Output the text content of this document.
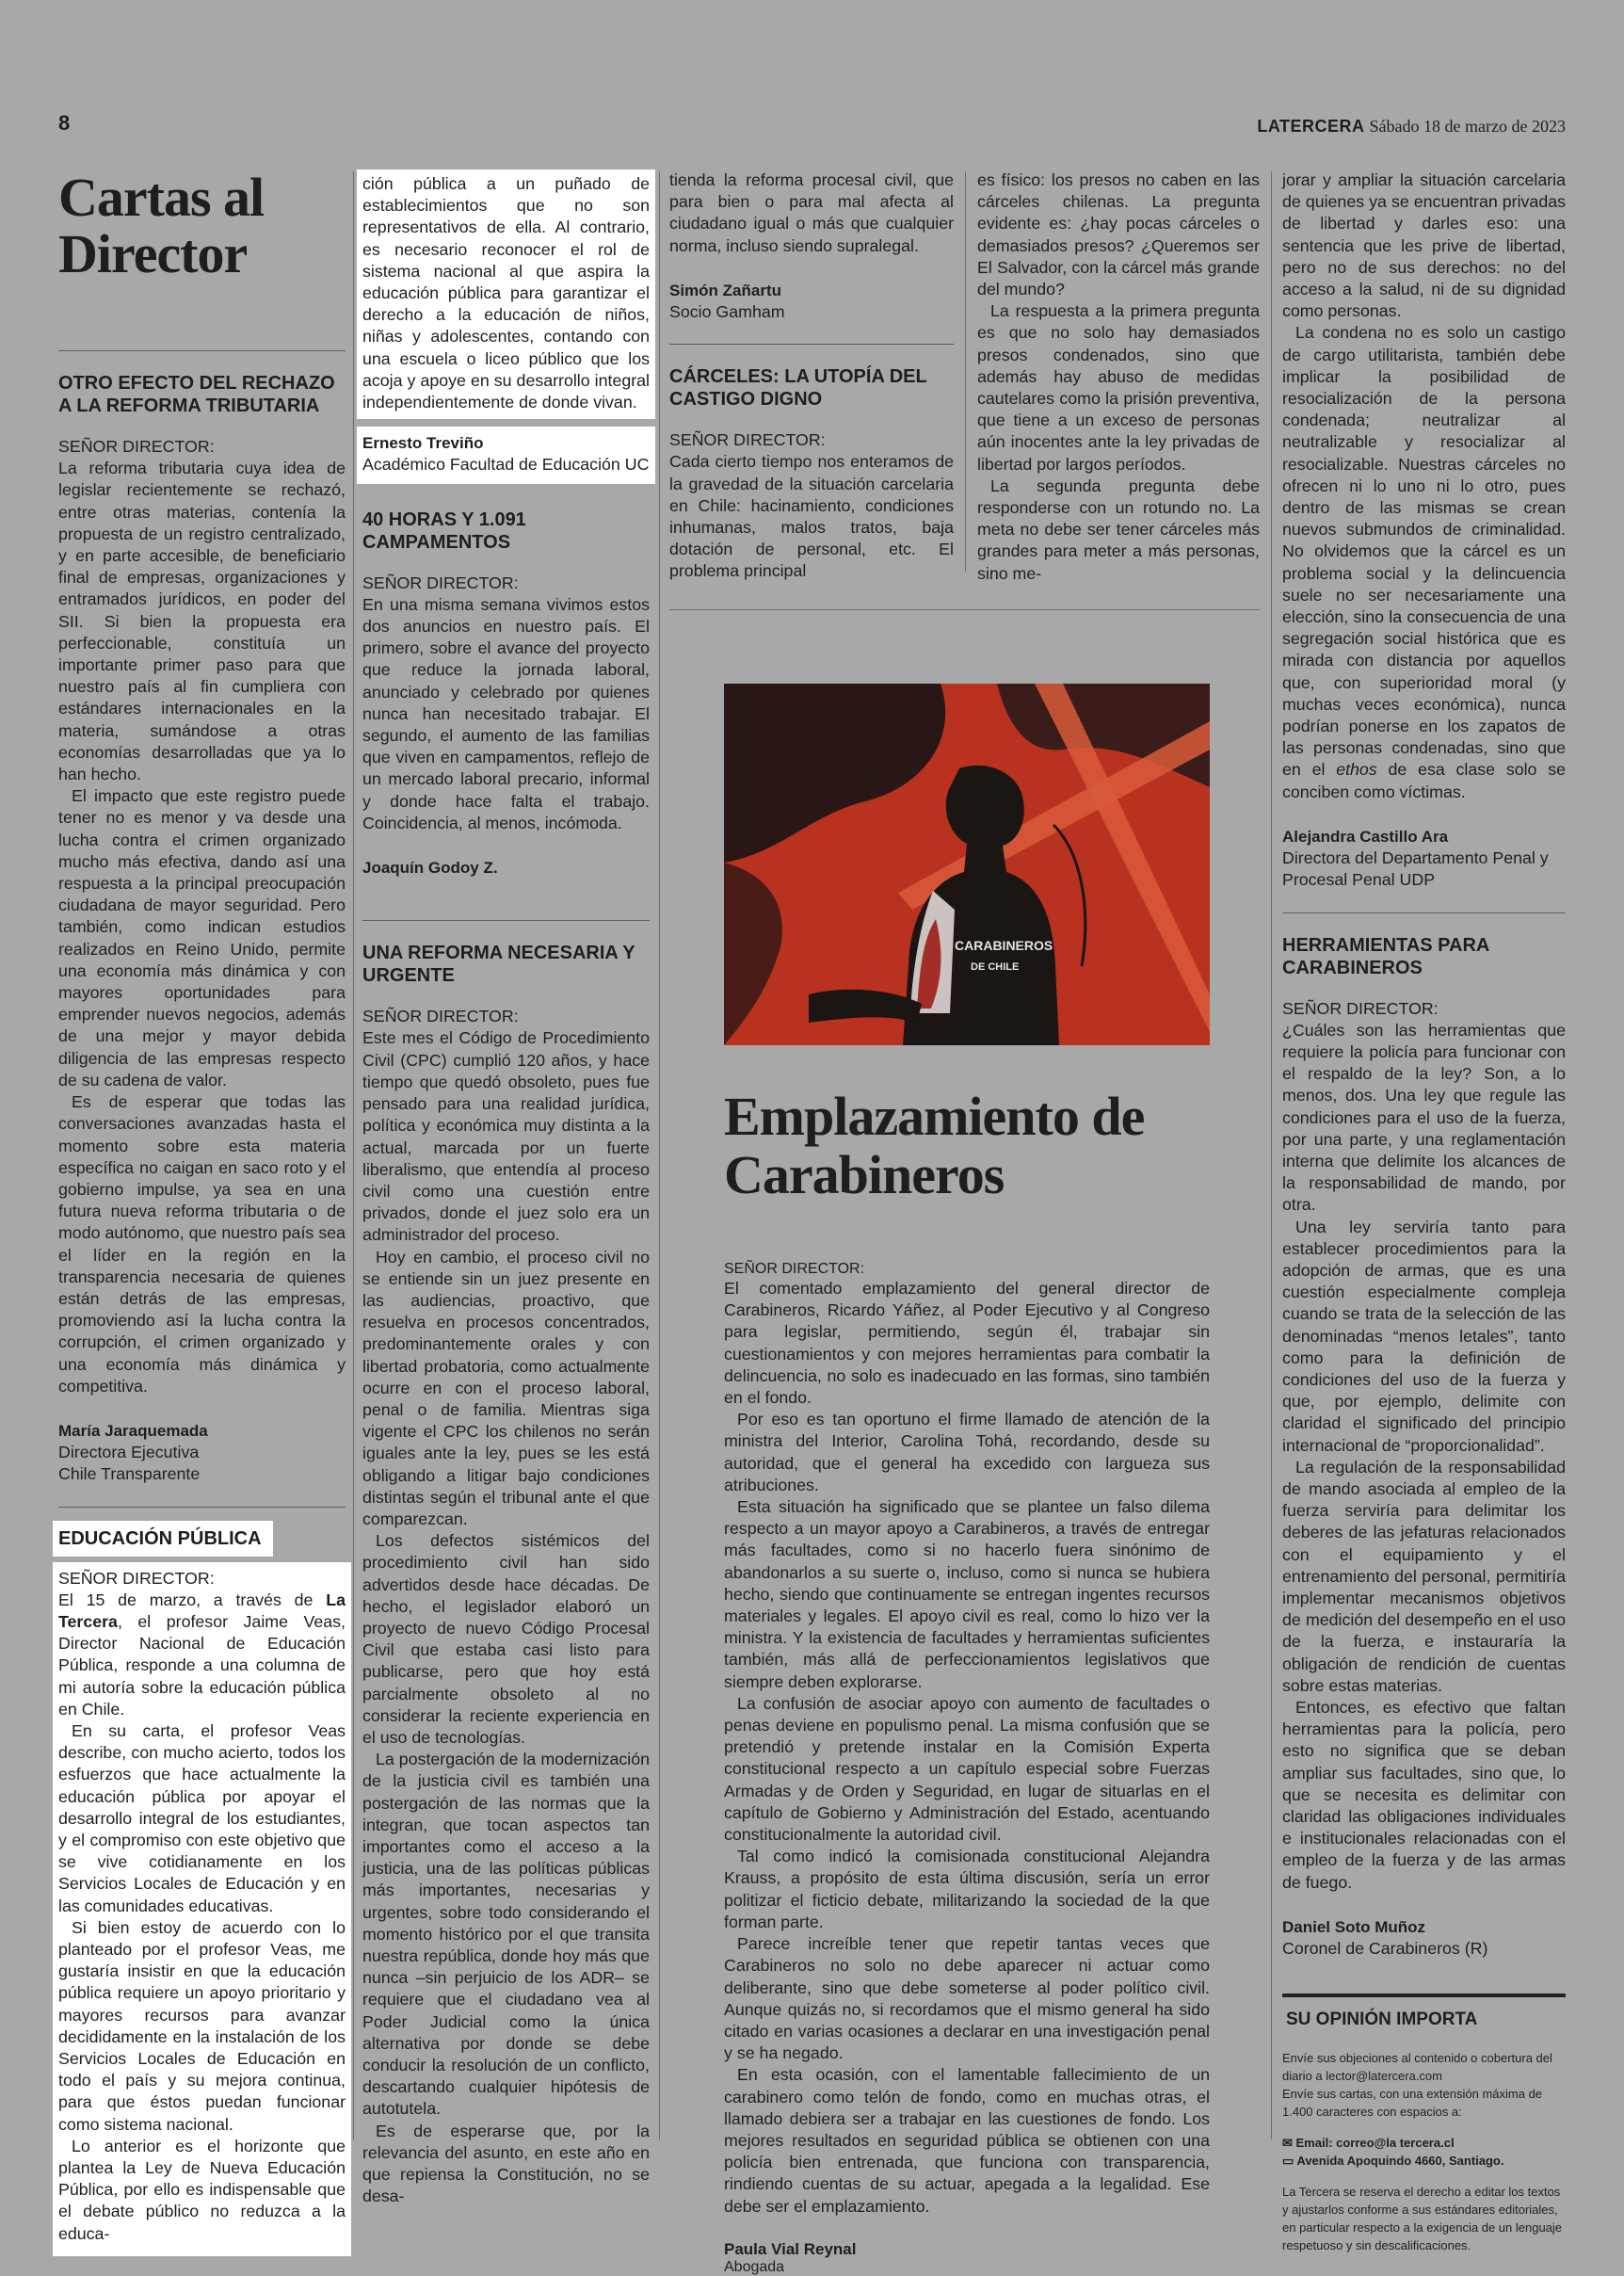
8	LATERCERA Sábado 18 de marzo de 2023
Cartas al Director
OTRO EFECTO DEL RECHAZO A LA REFORMA TRIBUTARIA
SEÑOR DIRECTOR:

La reforma tributaria cuya idea de legislar recientemente se rechazó, entre otras materias, contenía la propuesta de un registro centralizado, y en parte accesible, de beneficiario final de empresas, organizaciones y entramados jurídicos, en poder del SII. Si bien la propuesta era perfeccionable, constituía un importante primer paso para que nuestro país al fin cumpliera con estándares internacionales en la materia, sumándose a otras economías desarrolladas que ya lo han hecho.

El impacto que este registro puede tener no es menor y va desde una lucha contra el crimen organizado mucho más efectiva, dando así una respuesta a la principal preocupación ciudadana de mayor seguridad. Pero también, como indican estudios realizados en Reino Unido, permite una economía más dinámica y con mayores oportunidades para emprender nuevos negocios, además de una mejor y mayor debida diligencia de las empresas respecto de su cadena de valor.

Es de esperar que todas las conversaciones avanzadas hasta el momento sobre esta materia específica no caigan en saco roto y el gobierno impulse, ya sea en una futura nueva reforma tributaria o de modo autónomo, que nuestro país sea el líder en la región en la transparencia necesaria de quienes están detrás de las empresas, promoviendo así la lucha contra la corrupción, el crimen organizado y una economía más dinámica y competitiva.

María Jaraquemada
Directora Ejecutiva
Chile Transparente
EDUCACIÓN PÚBLICA
SEÑOR DIRECTOR:

El 15 de marzo, a través de La Tercera, el profesor Jaime Veas, Director Nacional de Educación Pública, responde a una columna de mi autoría sobre la educación pública en Chile.

En su carta, el profesor Veas describe, con mucho acierto, todos los esfuerzos que hace actualmente la educación pública por apoyar el desarrollo integral de los estudiantes, y el compromiso con este objetivo que se vive cotidianamente en los Servicios Locales de Educación y en las comunidades educativas.

Si bien estoy de acuerdo con lo planteado por el profesor Veas, me gustaría insistir en que la educación pública requiere un apoyo prioritario y mayores recursos para avanzar decididamente en la instalación de los Servicios Locales de Educación en todo el país y su mejora continua, para que éstos puedan funcionar como sistema nacional.

Lo anterior es el horizonte que plantea la Ley de Nueva Educación Pública, por ello es indispensable que el debate público no reduzca a la educa-

ción pública a un puñado de establecimientos que no son representativos de ella. Al contrario, es necesario reconocer el rol de sistema nacional al que aspira la educación pública para garantizar el derecho a la educación de niños, niñas y adolescentes, contando con una escuela o liceo público que los acoja y apoye en su desarrollo integral independientemente de donde vivan.

Ernesto Treviño
Académico Facultad de Educación UC
40 HORAS Y 1.091 CAMPAMENTOS
SEÑOR DIRECTOR:

En una misma semana vivimos estos dos anuncios en nuestro país. El primero, sobre el avance del proyecto que reduce la jornada laboral, anunciado y celebrado por quienes nunca han necesitado trabajar. El segundo, el aumento de las familias que viven en campamentos, reflejo de un mercado laboral precario, informal y donde hace falta el trabajo. Coincidencia, al menos, incómoda.

Joaquín Godoy Z.
UNA REFORMA NECESARIA Y URGENTE
SEÑOR DIRECTOR:

Este mes el Código de Procedimiento Civil (CPC) cumplió 120 años, y hace tiempo que quedó obsoleto, pues fue pensado para una realidad jurídica, política y económica muy distinta a la actual, marcada por un fuerte liberalismo, que entendía al proceso civil como una cuestión entre privados, donde el juez solo era un administrador del proceso.

Hoy en cambio, el proceso civil no se entiende sin un juez presente en las audiencias, proactivo, que resuelva en procesos concentrados, predominantemente orales y con libertad probatoria, como actualmente ocurre en con el proceso laboral, penal o de familia. Mientras siga vigente el CPC los chilenos no serán iguales ante la ley, pues se les está obligando a litigar bajo condiciones distintas según el tribunal ante el que comparezcan.

Los defectos sistémicos del procedimiento civil han sido advertidos desde hace décadas. De hecho, el legislador elaboró un proyecto de nuevo Código Procesal Civil que estaba casi listo para publicarse, pero que hoy está parcialmente obsoleto al no considerar la reciente experiencia en el uso de tecnologías.

La postergación de la modernización de la justicia civil es también una postergación de las normas que la integran, que tocan aspectos tan importantes como el acceso a la justicia, una de las políticas públicas más importantes, necesarias y urgentes, sobre todo considerando el momento histórico por el que transita nuestra república, donde hoy más que nunca –sin perjuicio de los ADR– se requiere que el ciudadano vea al Poder Judicial como la única alternativa por donde se debe conducir la resolución de un conflicto, descartando cualquier hipótesis de autotutela.

Es de esperarse que, por la relevancia del asunto, en este año en que repiensa la Constitución, no se desa-

tienda la reforma procesal civil, que para bien o para mal afecta al ciudadano igual o más que cualquier norma, incluso siendo supralegal.

Simón Zañartu
Socio Gamham
CÁRCELES: LA UTOPÍA DEL CASTIGO DIGNO
SEÑOR DIRECTOR:

Cada cierto tiempo nos enteramos de la gravedad de la situación carcelaria en Chile: hacinamiento, condiciones inhumanas, malos tratos, baja dotación de personal, etc. El problema principal

es físico: los presos no caben en las cárceles chilenas. La pregunta evidente es: ¿hay pocas cárceles o demasiados presos? ¿Queremos ser El Salvador, con la cárcel más grande del mundo?

La respuesta a la primera pregunta es que no solo hay demasiados presos condenados, sino que además hay abuso de medidas cautelares como la prisión preventiva, que tiene a un exceso de personas aún inocentes ante la ley privadas de libertad por largos períodos.

La segunda pregunta debe responderse con un rotundo no. La meta no debe ser tener cárceles más grandes para meter a más personas, sino me-

CARABINEROS
DE CHILE
Emplazamiento de Carabineros
SEÑOR DIRECTOR:

El comentado emplazamiento del general director de Carabineros, Ricardo Yáñez, al Poder Ejecutivo y al Congreso para legislar, permitiendo, según él, trabajar sin cuestionamientos y con mejores herramientas para combatir la delincuencia, no solo es inadecuado en las formas, sino también en el fondo.

Por eso es tan oportuno el firme llamado de atención de la ministra del Interior, Carolina Tohá, recordando, desde su autoridad, que el general ha excedido con largueza sus atribuciones.

Esta situación ha significado que se plantee un falso dilema respecto a un mayor apoyo a Carabineros, a través de entregar más facultades, como si no hacerlo fuera sinónimo de abandonarlos a su suerte o, incluso, como si nunca se hubiera hecho, siendo que continuamente se entregan ingentes recursos materiales y legales. El apoyo civil es real, como lo hizo ver la ministra. Y la existencia de facultades y herramientas suficientes también, más allá de perfeccionamientos legislativos que siempre deben explorarse.

La confusión de asociar apoyo con aumento de facultades o penas deviene en populismo penal. La misma confusión que se pretendió y pretende instalar en la Comisión Experta constitucional respecto a un capítulo especial sobre Fuerzas Armadas y de Orden y Seguridad, en lugar de situarlas en el capítulo de Gobierno y Administración del Estado, acentuando constitucionalmente la autoridad civil.

Tal como indicó la comisionada constitucional Alejandra Krauss, a propósito de esta última discusión, sería un error politizar el ficticio debate, militarizando la sociedad de la que forman parte.

Parece increíble tener que repetir tantas veces que Carabineros no solo no debe aparecer ni actuar como deliberante, sino que debe someterse al poder político civil. Aunque quizás no, si recordamos que el mismo general ha sido citado en varias ocasiones a declarar en una investigación penal y se ha negado.

En esta ocasión, con el lamentable fallecimiento de un carabinero como telón de fondo, como en muchas otras, el llamado debiera ser a trabajar en las cuestiones de fondo. Los mejores resultados en seguridad pública se obtienen con una policía bien entrenada, que funciona con transparencia, rindiendo cuentas de su actuar, apegada a la legalidad. Ese debe ser el emplazamiento.

Paula Vial Reynal
Abogada

jorar y ampliar la situación carcelaria de quienes ya se encuentran privadas de libertad y darles eso: una sentencia que les prive de libertad, pero no de sus derechos: no del acceso a la salud, ni de su dignidad como personas.

La condena no es solo un castigo de cargo utilitarista, también debe implicar la posibilidad de resocialización de la persona condenada; neutralizar al neutralizable y resocializar al resocializable. Nuestras cárceles no ofrecen ni lo uno ni lo otro, pues dentro de las mismas se crean nuevos submundos de criminalidad. No olvidemos que la cárcel es un problema social y la delincuencia suele no ser necesariamente una elección, sino la consecuencia de una segregación social histórica que es mirada con distancia por aquellos que, con superioridad moral (y muchas veces económica), nunca podrían ponerse en los zapatos de las personas condenadas, sino que en el ethos de esa clase solo se conciben como víctimas.

Alejandra Castillo Ara
Directora del Departamento Penal y
Procesal Penal UDP
HERRAMIENTAS PARA CARABINEROS
SEÑOR DIRECTOR:

¿Cuáles son las herramientas que requiere la policía para funcionar con el respaldo de la ley? Son, a lo menos, dos. Una ley que regule las condiciones para el uso de la fuerza, por una parte, y una reglamentación interna que delimite los alcances de la responsabilidad de mando, por otra.

Una ley serviría tanto para establecer procedimientos para la adopción de armas, que es una cuestión especialmente compleja cuando se trata de la selección de las denominadas “menos letales”, tanto como para la definición de condiciones del uso de la fuerza y que, por ejemplo, delimite con claridad el significado del principio internacional de “proporcionalidad”.

La regulación de la responsabilidad de mando asociada al empleo de la fuerza serviría para delimitar los deberes de las jefaturas relacionados con el equipamiento y el entrenamiento del personal, permitiría implementar mecanismos objetivos de medición del desempeño en el uso de la fuerza, e instauraría la obligación de rendición de cuentas sobre estas materias.

Entonces, es efectivo que faltan herramientas para la policía, pero esto no significa que se deban ampliar sus facultades, sino que, lo que se necesita es delimitar con claridad las obligaciones individuales e institucionales relacionadas con el empleo de la fuerza y de las armas de fuego.

Daniel Soto Muñoz
Coronel de Carabineros (R)
SU OPINIÓN IMPORTA
Envíe sus objeciones al contenido o cobertura del diario a lector@latercera.com
Envíe sus cartas, con una extensión máxima de 1.400 caracteres con espacios a:
✉ Email: correo@la tercera.cl
▭ Avenida Apoquindo 4660, Santiago.
La Tercera se reserva el derecho a editar los textos y ajustarlos conforme a sus estándares editoriales, en particular respecto a la exigencia de un lenguaje respetuoso y sin descalificaciones.
